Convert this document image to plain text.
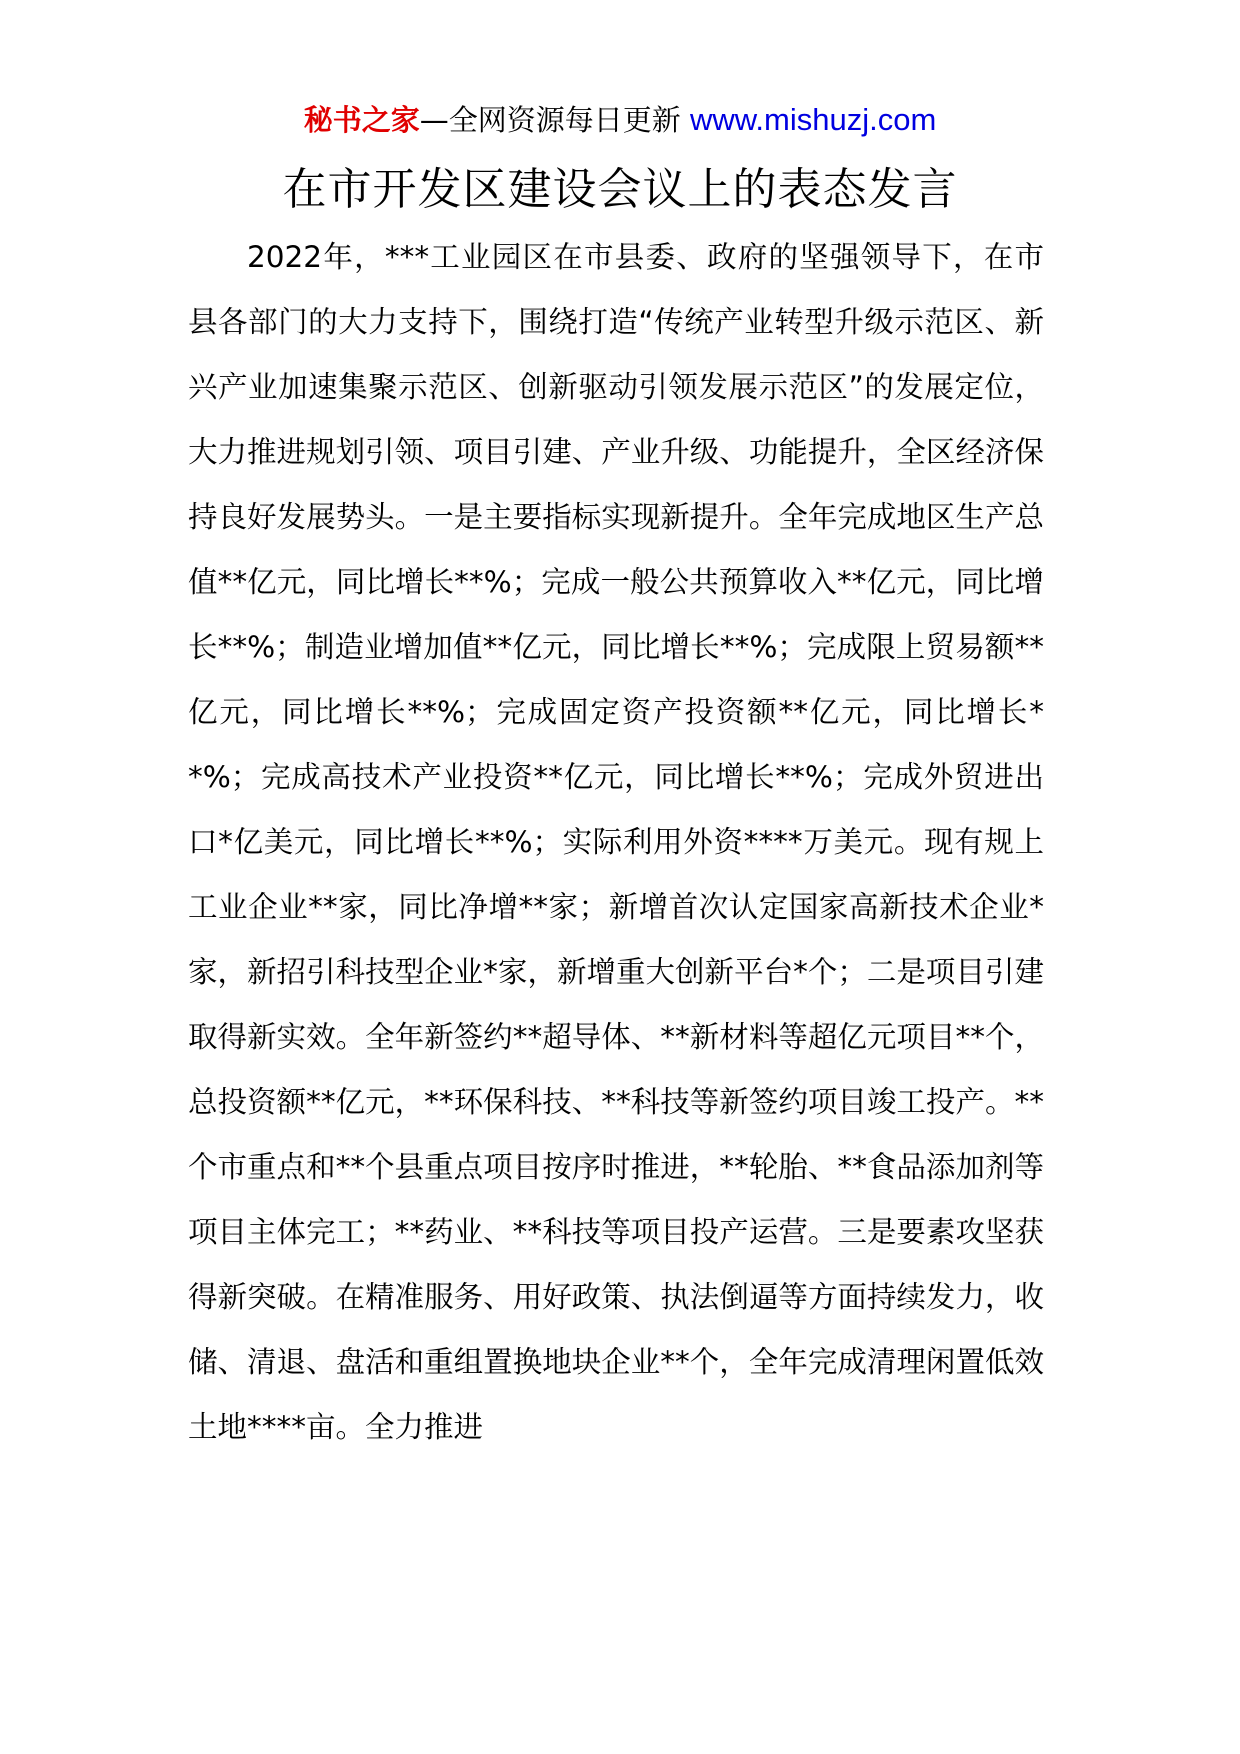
秘书之家—全网资源每日更新 www.mishuzj.com
在市开发区建设会议上的表态发言

2022年，***工业园区在市县委、政府的坚强领导下，在市县各部门的大力支持下，围绕打造“传统产业转型升级示范区、新兴产业加速集聚示范区、创新驱动引领发展示范区”的发展定位，大力推进规划引领、项目引建、产业升级、功能提升，全区经济保持良好发展势头。一是主要指标实现新提升。全年完成地区生产总值**亿元，同比增长**%；完成一般公共预算收入**亿元，同比增长**%；制造业增加值**亿元，同比增长**%；完成限上贸易额**亿元，同比增长**%；完成固定资产投资额**亿元，同比增长**%；完成高技术产业投资**亿元，同比增长**%；完成外贸进出口*亿美元，同比增长**%；实际利用外资****万美元。现有规上工业企业**家，同比净增**家；新增首次认定国家高新技术企业*家，新招引科技型企业*家，新增重大创新平台*个；二是项目引建取得新实效。全年新签约**超导体、**新材料等超亿元项目**个，总投资额**亿元，**环保科技、**科技等新签约项目竣工投产。**个市重点和**个县重点项目按序时推进，**轮胎、**食品添加剂等项目主体完工；**药业、**科技等项目投产运营。三是要素攻坚获得新突破。在精准服务、用好政策、执法倒逼等方面持续发力，收储、清退、盘活和重组置换地块企业**个，全年完成清理闲置低效土地****亩。全力推进
